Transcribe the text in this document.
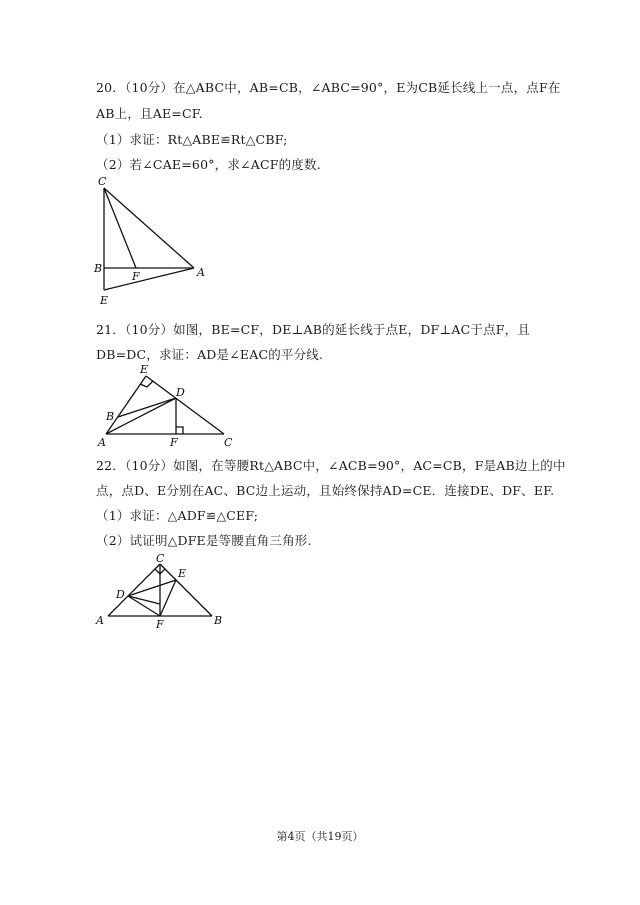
20．（10分）在△ABC中，AB=CB，∠ABC=90°，E为CB延长线上一点，点F在
AB上，且AE=CF.
（1）求证：Rt△ABE≌Rt△CBF;
（2）若∠CAE=60°，求∠ACF的度数.
C
B
F	A
E
21．（10分）如图，BE=CF，DE⊥AB的延长线于点E，DF⊥AC于点F，且
DB=DC，求证：AD是∠EAC的平分线.
E
D
B
A	F	C
22．（10分）如图，在等腰Rt△ABC中，∠ACB=90°，AC=CB，F是AB边上的中
点，点D、E分别在AC、BC边上运动，且始终保持AD=CE．连接DE、DF、EF.
（1）求证：△ADF≌△CEF;
（2）试证明△DFE是等腰直角三角形.
C
E
D
A	F	B
第4页（共19页）
